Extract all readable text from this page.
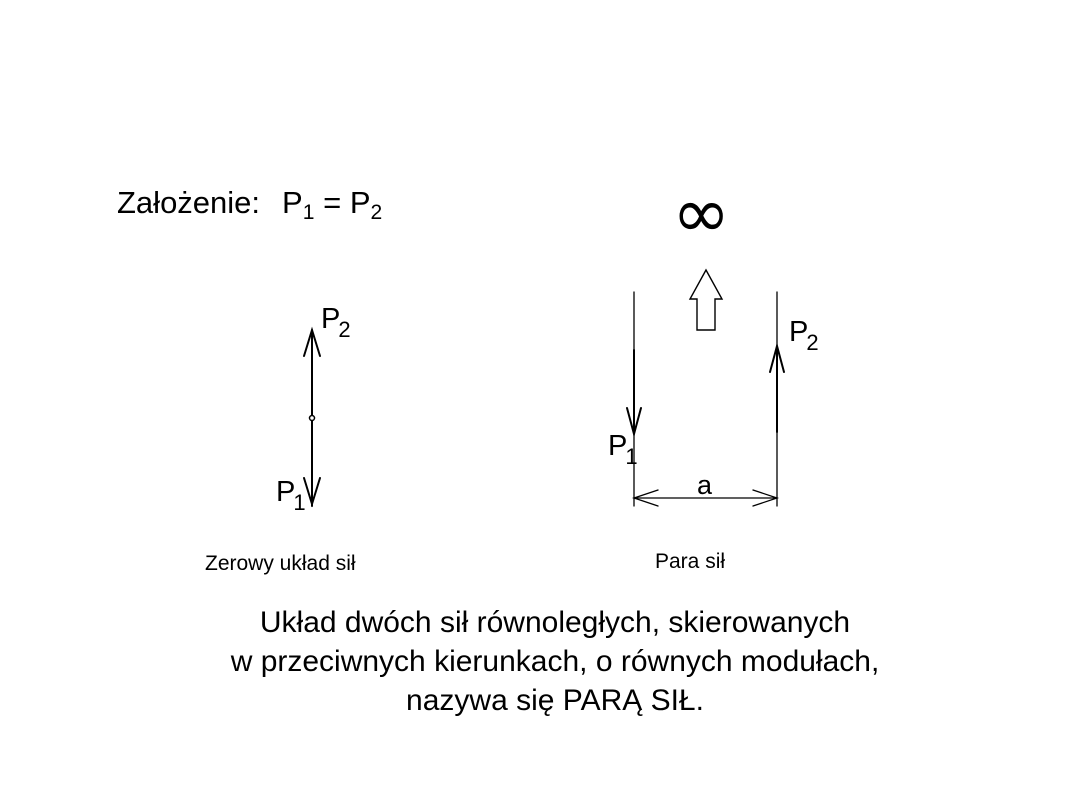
Założenie: $P_1 = P_2$
$P_2$
$P_1$
Zerowy układ sił
∞
$P_1$
$P_2$
a
Para sił
Układ dwóch sił równoległych, skierowanych
w przeciwnych kierunkach, o równych modułach,
nazywa się PARĄ SIŁ.
